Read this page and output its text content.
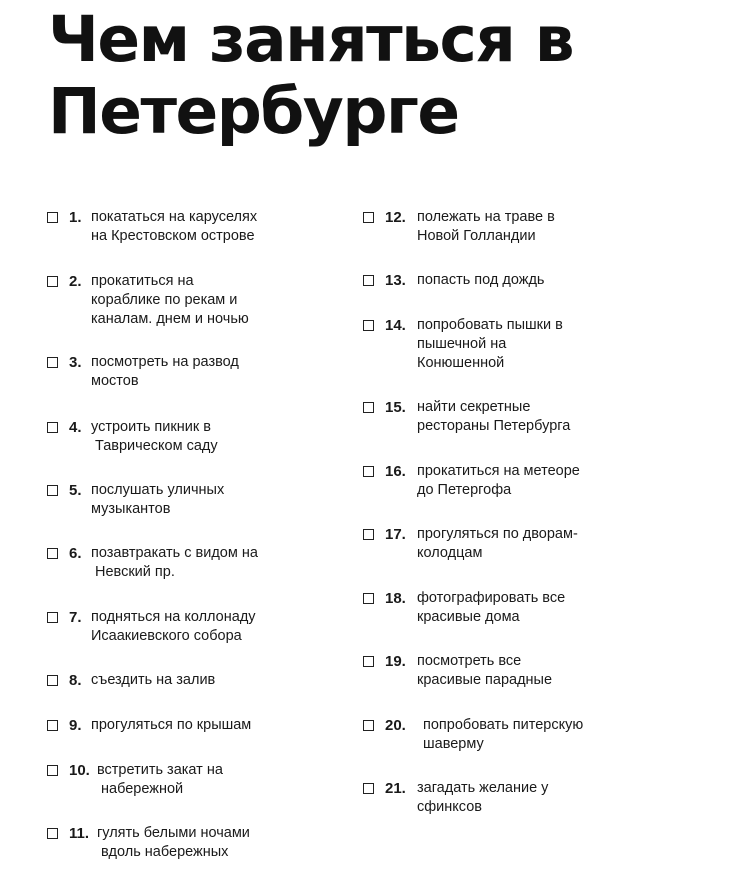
Чем заняться в
Петербурге
1. покататься на каруселях
на Крестовском острове
2. прокатиться на
кораблике по рекам и
каналам. днем и ночью
3. посмотреть на развод
мостов
4. устроить пикник в
Таврическом саду
5. послушать уличных
музыкантов
6. позавтракать с видом на
Невский пр.
7. подняться на коллонаду
Исаакиевского собора
8. съездить на залив
9. прогуляться по крышам
10. встретить закат на
набережной
11. гулять белыми ночами
вдоль набережных
12. полежать на траве в
Новой Голландии
13. попасть под дождь
14. попробовать пышки в
пышечной на
Конюшенной
15. найти секретные
рестораны Петербурга
16. прокатиться на метеоре
до Петергофа
17. прогуляться по дворам-
колодцам
18. фотографировать все
красивые дома
19. посмотреть все
красивые парадные
20. попробовать питерскую
шаверму
21. загадать желание у
сфинксов
